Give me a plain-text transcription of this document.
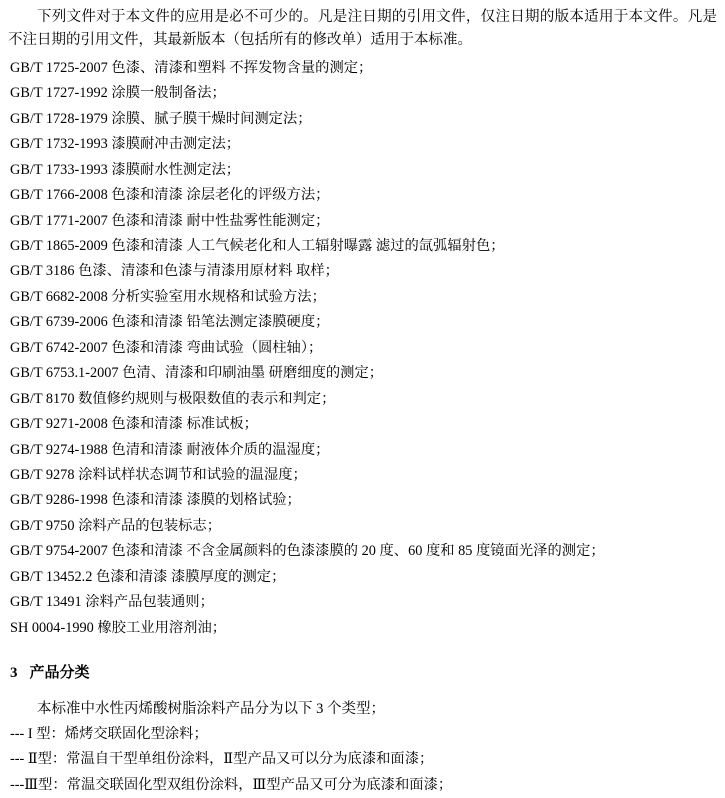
下列文件对于本文件的应用是必不可少的。凡是注日期的引用文件，仅注日期的版本适用于本文件。凡是不注日期的引用文件，其最新版本（包括所有的修改单）适用于本标准。

GB/T 1725-2007 色漆、清漆和塑料 不挥发物含量的测定；
GB/T 1727-1992 涂膜一般制备法；
GB/T 1728-1979 涂膜、腻子膜干燥时间测定法；
GB/T 1732-1993 漆膜耐冲击测定法；
GB/T 1733-1993 漆膜耐水性测定法；
GB/T 1766-2008 色漆和清漆 涂层老化的评级方法；
GB/T 1771-2007 色漆和清漆 耐中性盐雾性能测定；
GB/T 1865-2009 色漆和清漆 人工气候老化和人工辐射曝露 滤过的氙弧辐射色；
GB/T 3186 色漆、清漆和色漆与清漆用原材料 取样；
GB/T 6682-2008 分析实验室用水规格和试验方法；
GB/T 6739-2006 色漆和清漆 铅笔法测定漆膜硬度；
GB/T 6742-2007 色漆和清漆 弯曲试验（圆柱轴）；
GB/T 6753.1-2007 色清、清漆和印刷油墨 研磨细度的测定；
GB/T 8170 数值修约规则与极限数值的表示和判定；
GB/T 9271-2008 色漆和清漆 标准试板；
GB/T 9274-1988 色清和清漆 耐液体介质的温湿度；
GB/T 9278 涂料试样状态调节和试验的温湿度；
GB/T 9286-1998 色漆和清漆 漆膜的划格试验；
GB/T 9750 涂料产品的包装标志；
GB/T 9754-2007 色漆和清漆 不含金属颜料的色漆漆膜的 20 度、60 度和 85 度镜面光泽的测定；
GB/T 13452.2 色漆和清漆 漆膜厚度的测定；
GB/T 13491 涂料产品包装通则；
SH 0004-1990 橡胶工业用溶剂油；
3 产品分类

本标准中水性丙烯酸树脂涂料产品分为以下 3 个类型；

--- I 型：烯烤交联固化型涂料；
--- Ⅱ型：常温自干型单组份涂料，Ⅱ型产品又可以分为底漆和面漆；
---Ⅲ型：常温交联固化型双组份涂料，Ⅲ型产品又可分为底漆和面漆；
